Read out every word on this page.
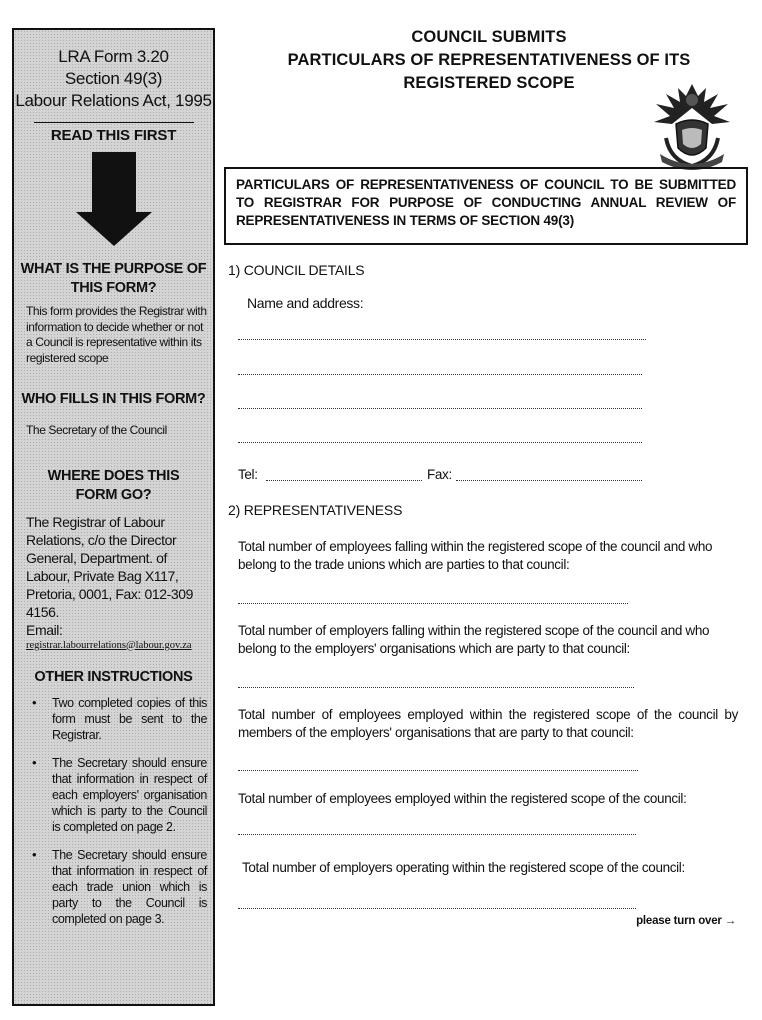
LRA Form 3.20
Section 49(3)
Labour Relations Act, 1995
READ THIS FIRST
WHAT IS THE PURPOSE OF THIS FORM?
This form provides the Registrar with information to decide whether or not a Council is representative within its registered scope
WHO FILLS IN THIS FORM?
The Secretary of the Council
WHERE DOES THIS FORM GO?
The Registrar of Labour Relations, c/o the Director General, Department. of Labour, Private Bag X117, Pretoria, 0001, Fax: 012-309 4156.
Email:
registrar.labourrelations@labour.gov.za
OTHER INSTRUCTIONS
• Two completed copies of this form must be sent to the Registrar.
• The Secretary should ensure that information in respect of each employers' organisation which is party to the Council is completed on page 2.
• The Secretary should ensure that information in respect of each trade union which is party to the Council is completed on page 3.
COUNCIL SUBMITS
PARTICULARS OF REPRESENTATIVENESS OF ITS
REGISTERED SCOPE
PARTICULARS OF REPRESENTATIVENESS OF COUNCIL TO BE SUBMITTED TO REGISTRAR FOR PURPOSE OF CONDUCTING ANNUAL REVIEW OF REPRESENTATIVENESS IN TERMS OF SECTION 49(3)
1) COUNCIL DETAILS
Name and address:
Tel:	Fax:
2) REPRESENTATIVENESS
Total number of employees falling within the registered scope of the council and who belong to the trade unions which are parties to that council:
Total number of employers falling within the registered scope of the council and who belong to the employers' organisations which are party to that council:
Total number of employees employed within the registered scope of the council by members of the employers' organisations that are party to that council:
Total number of employees employed within the registered scope of the council:
Total number of employers operating within the registered scope of the council:
please turn over →
